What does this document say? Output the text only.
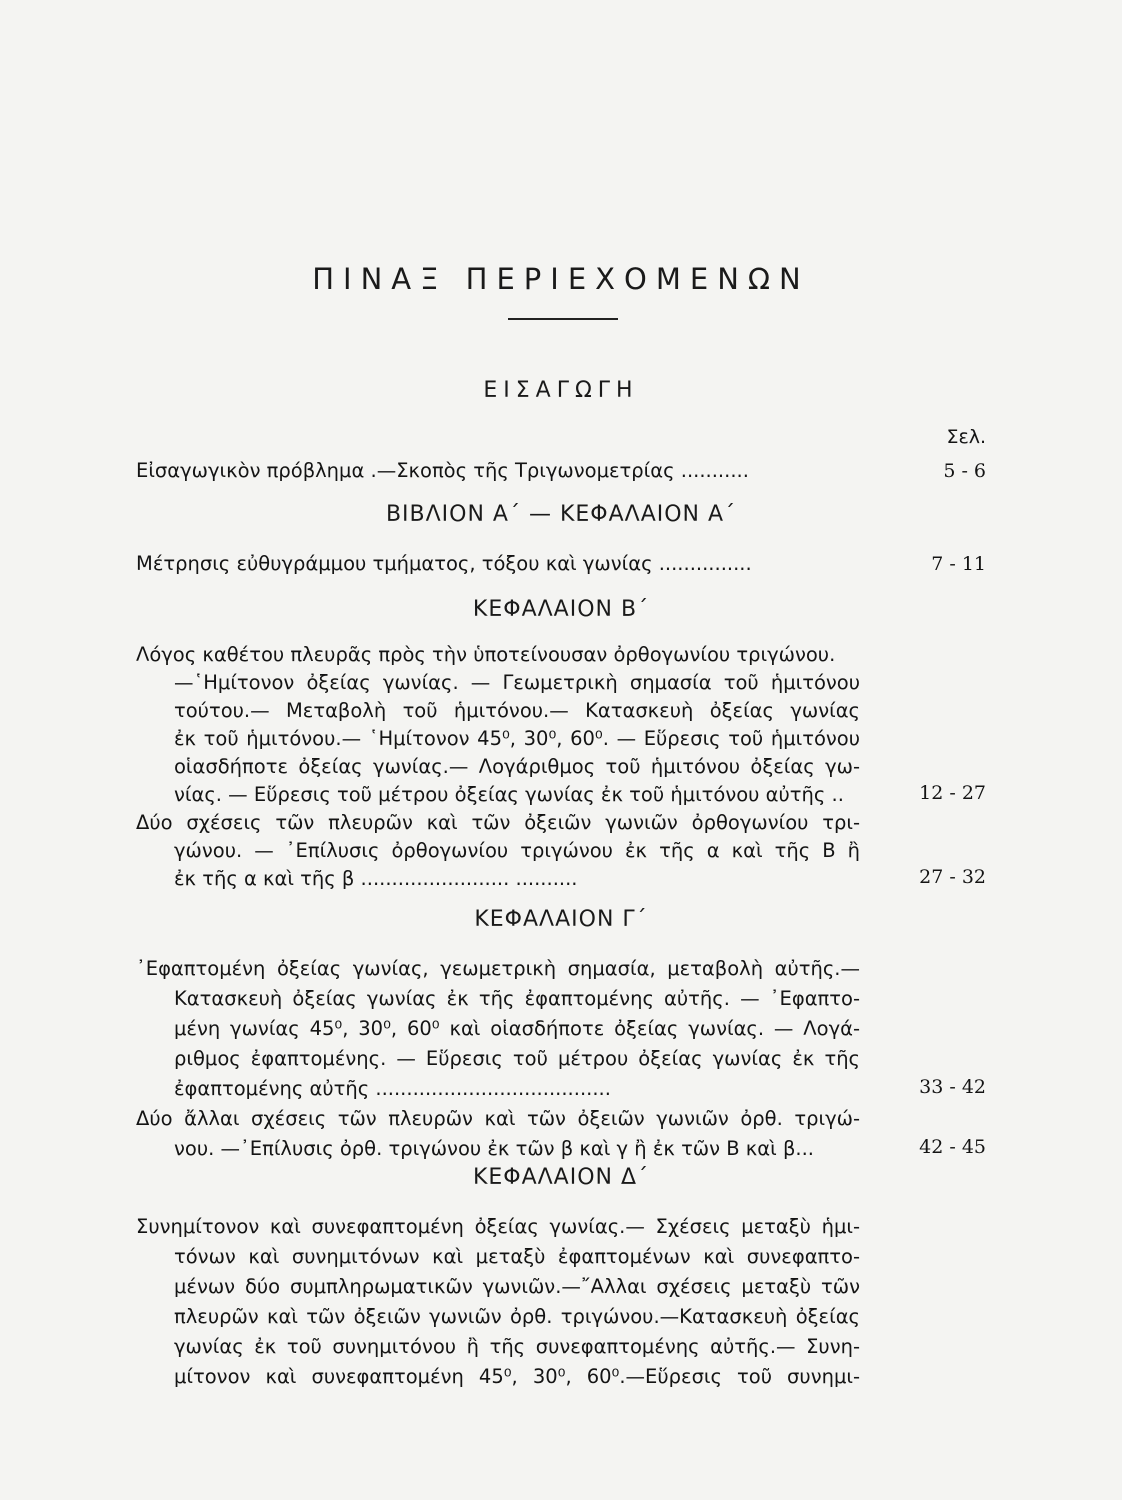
ΠΙΝΑΞ ΠΕΡΙΕΧΟΜΕΝΩΝ
ΕΙΣΑΓΩΓΗ
Σελ.
Εἰσαγωγικὸν πρόβλημα .—Σκοπὸς τῆς Τριγωνομετρίας ...........	5 - 6
ΒΙΒΛΙΟΝ Α΄ — ΚΕΦΑΛΑΙΟΝ Α΄
Μέτρησις εὐθυγράμμου τμήματος, τόξου καὶ γωνίας ...............	7 - 11
ΚΕΦΑΛΑΙΟΝ Β΄
Λόγος καθέτου πλευρᾶς πρὸς τὴν ὑποτείνουσαν ὀρθογωνίου τριγώνου.
—῾Ημίτονον ὀξείας γωνίας. — Γεωμετρικὴ σημασία τοῦ ἡμιτόνου
τούτου.— Μεταβολὴ τοῦ ἡμιτόνου.— Κατασκευὴ ὀξείας γωνίας
ἐκ τοῦ ἡμιτόνου.— ῾Ημίτονον 45⁰, 30⁰, 60⁰. — Εὕρεσις τοῦ ἡμιτόνου
οἱασδήποτε ὀξείας γωνίας.— Λογάριθμος τοῦ ἡμιτόνου ὀξείας γω-
νίας. — Εὕρεσις τοῦ μέτρου ὀξείας γωνίας ἐκ τοῦ ἡμιτόνου αὐτῆς ..	12 - 27
Δύο σχέσεις τῶν πλευρῶν καὶ τῶν ὀξειῶν γωνιῶν ὀρθογωνίου τρι-
γώνου. — ᾽Επίλυσις ὀρθογωνίου τριγώνου ἐκ τῆς α καὶ τῆς Β ἢ
ἐκ τῆς α καὶ τῆς β ........................ ..........	27 - 32
ΚΕΦΑΛΑΙΟΝ Γ΄
᾽Εφαπτομένη ὀξείας γωνίας, γεωμετρικὴ σημασία, μεταβολὴ αὐτῆς.—
Κατασκευὴ ὀξείας γωνίας ἐκ τῆς ἐφαπτομένης αὐτῆς. — ᾽Εφαπτο-
μένη γωνίας 45⁰, 30⁰, 60⁰ καὶ οἱασδήποτε ὀξείας γωνίας. — Λογά-
ριθμος ἐφαπτομένης. — Εὕρεσις τοῦ μέτρου ὀξείας γωνίας ἐκ τῆς
ἐφαπτομένης αὐτῆς ......................................	33 - 42
Δύο ἄλλαι σχέσεις τῶν πλευρῶν καὶ τῶν ὀξειῶν γωνιῶν ὀρθ. τριγώ-
νου. —᾽Επίλυσις ὀρθ. τριγώνου ἐκ τῶν β καὶ γ ἢ ἐκ τῶν Β καὶ β...	42 - 45
ΚΕΦΑΛΑΙΟΝ Δ΄
Συνημίτονον καὶ συνεφαπτομένη ὀξείας γωνίας.— Σχέσεις μεταξὺ ἡμι-
τόνων καὶ συνημιτόνων καὶ μεταξὺ ἐφαπτομένων καὶ συνεφαπτο-
μένων δύο συμπληρωματικῶν γωνιῶν.—῎Αλλαι σχέσεις μεταξὺ τῶν
πλευρῶν καὶ τῶν ὀξειῶν γωνιῶν ὀρθ. τριγώνου.—Κατασκευὴ ὀξείας
γωνίας ἐκ τοῦ συνημιτόνου ἢ τῆς συνεφαπτομένης αὐτῆς.— Συνη-
μίτονον καὶ συνεφαπτομένη 45⁰, 30⁰, 60⁰.—Εὕρεσις τοῦ συνημι-
